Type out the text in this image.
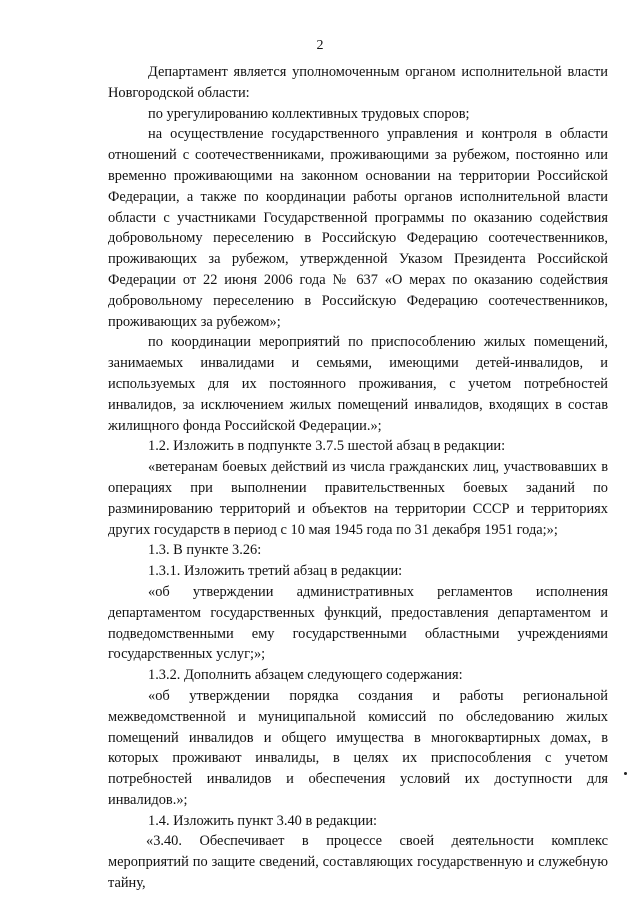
2

Департамент является уполномоченным органом исполнительной власти Новгородской области:

по урегулированию коллективных трудовых споров;

на осуществление государственного управления и контроля в области отношений с соотечественниками, проживающими за рубежом, постоянно или временно проживающими на законном основании на территории Российской Федерации, а также по координации работы органов исполнительной власти области с участниками Государственной программы по оказанию содействия добровольному переселению в Российскую Федерацию соотечественников, проживающих за рубежом, утвержденной Указом Президента Российской Федерации от 22 июня 2006 года № 637 «О мерах по оказанию содействия добровольному переселению в Российскую Федерацию соотечественников, проживающих за рубежом»;

по координации мероприятий по приспособлению жилых помещений, занимаемых инвалидами и семьями, имеющими детей-инвалидов, и используемых для их постоянного проживания, с учетом потребностей инвалидов, за исключением жилых помещений инвалидов, входящих в состав жилищного фонда Российской Федерации.»;

1.2. Изложить в подпункте 3.7.5 шестой абзац в редакции:

«ветеранам боевых действий из числа гражданских лиц, участвовавших в операциях при выполнении правительственных боевых заданий по разминированию территорий и объектов на территории СССР и территориях других государств в период с 10 мая 1945 года по 31 декабря 1951 года;»;

1.3. В пункте 3.26:

1.3.1. Изложить третий абзац в редакции:

«об утверждении административных регламентов исполнения департаментом государственных функций, предоставления департаментом и подведомственными ему государственными областными учреждениями государственных услуг;»;

1.3.2. Дополнить абзацем следующего содержания:

«об утверждении порядка создания и работы региональной межведомственной и муниципальной комиссий по обследованию жилых помещений инвалидов и общего имущества в многоквартирных домах, в которых проживают инвалиды, в целях их приспособления с учетом потребностей инвалидов и обеспечения условий их доступности для инвалидов.»;

1.4. Изложить пункт 3.40 в редакции:

«3.40. Обеспечивает в процессе своей деятельности комплекс мероприятий по защите сведений, составляющих государственную и служебную тайну,
